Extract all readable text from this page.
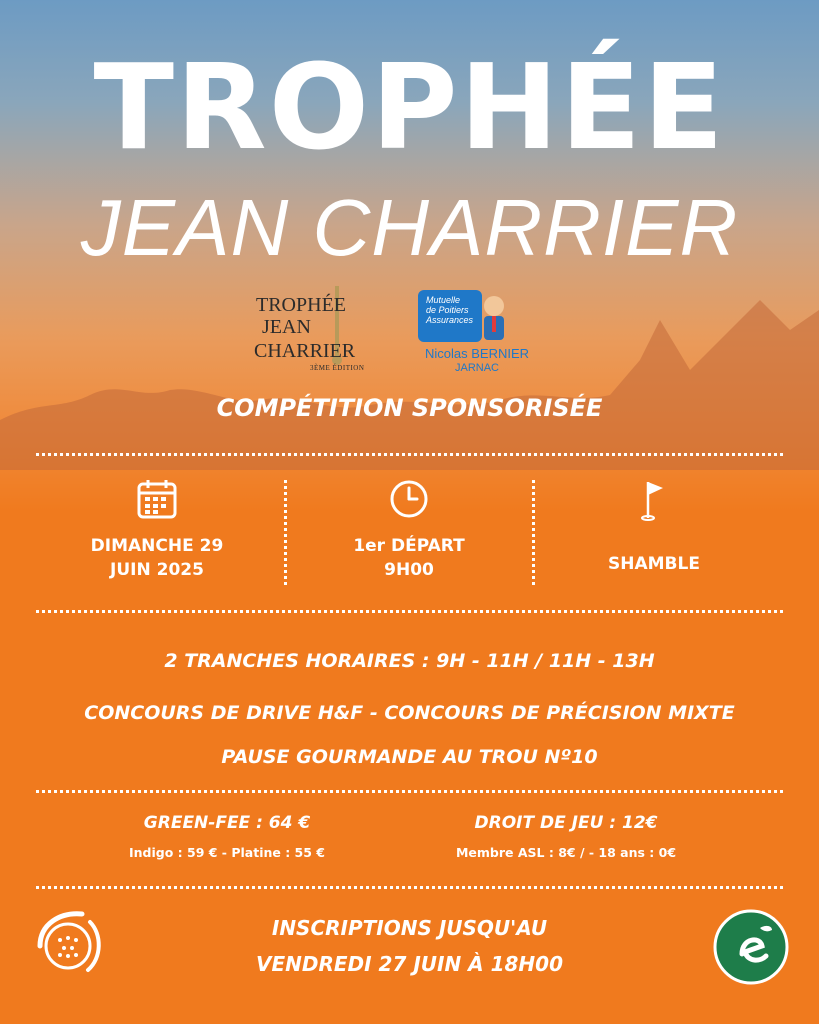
TROPHÉE
JEAN CHARRIER
TROPHÉE
JEAN
CHARRIER
3ÈME ÉDITION
Mutuelle
de Poitiers
Assurances
Nicolas BERNIER
JARNAC
COMPÉTITION SPONSORISÉE
DIMANCHE 29
JUIN 2025
1er DÉPART
9H00	SHAMBLE
2 TRANCHES HORAIRES : 9H - 11H / 11H - 13H
CONCOURS DE DRIVE H&F - CONCOURS DE PRÉCISION MIXTE
PAUSE GOURMANDE AU TROU Nº10
GREEN-FEE : 64 €
Indigo : 59 € - Platine : 55 €
DROIT DE JEU : 12€
Membre ASL : 8€ / - 18 ans : 0€
INSCRIPTIONS JUSQU'AU
VENDREDI 27 JUIN À 18H00
